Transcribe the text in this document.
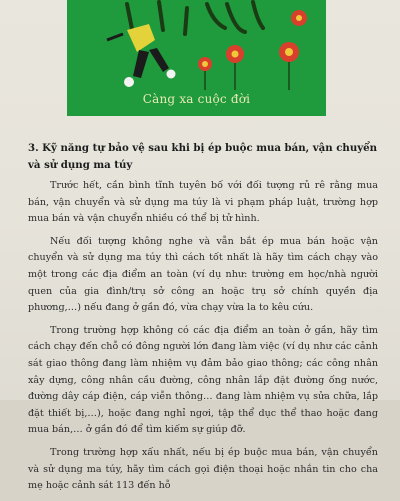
Càng xa cuộc đời

3. Kỹ năng tự bảo vệ sau khi bị ép buộc mua bán, vận chuyển và sử dụng ma túy

Trước hết, cần bình tĩnh tuyên bố với đối tượng rủ rê rằng mua bán, vận chuyển và sử dụng ma túy là vi phạm pháp luật, trường hợp mua bán và vận chuyển nhiều có thể bị tử hình.

Nếu đối tượng không nghe và vẫn bắt ép mua bán hoặc vận chuyển và sử dụng ma túy thì cách tốt nhất là hãy tìm cách chạy vào một trong các địa điểm an toàn (ví dụ như: trường em học/nhà người quen của gia đình/trụ sở công an hoặc trụ sở chính quyền địa phương,…) nếu đang ở gần đó, vừa chạy vừa la to kêu cứu.

Trong trường hợp không có các địa điểm an toàn ở gần, hãy tìm cách chạy đến chỗ có đông người lớn đang làm việc (ví dụ như các cảnh sát giao thông đang làm nhiệm vụ đảm bảo giao thông; các công nhân xây dựng, công nhân cầu đường, công nhân lắp đặt đường ống nước, đường dây cáp điện, cáp viễn thông… đang làm nhiệm vụ sửa chữa, lắp đặt thiết bị,…), hoặc đang nghỉ ngơi, tập thể dục thể thao hoặc đang mua bán,… ở gần đó để tìm kiếm sự giúp đỡ.

Trong trường hợp xấu nhất, nếu bị ép buộc mua bán, vận chuyển và sử dụng ma túy, hãy tìm cách gọi điện thoại hoặc nhắn tin cho cha mẹ hoặc cảnh sát 113 đến hỗ
